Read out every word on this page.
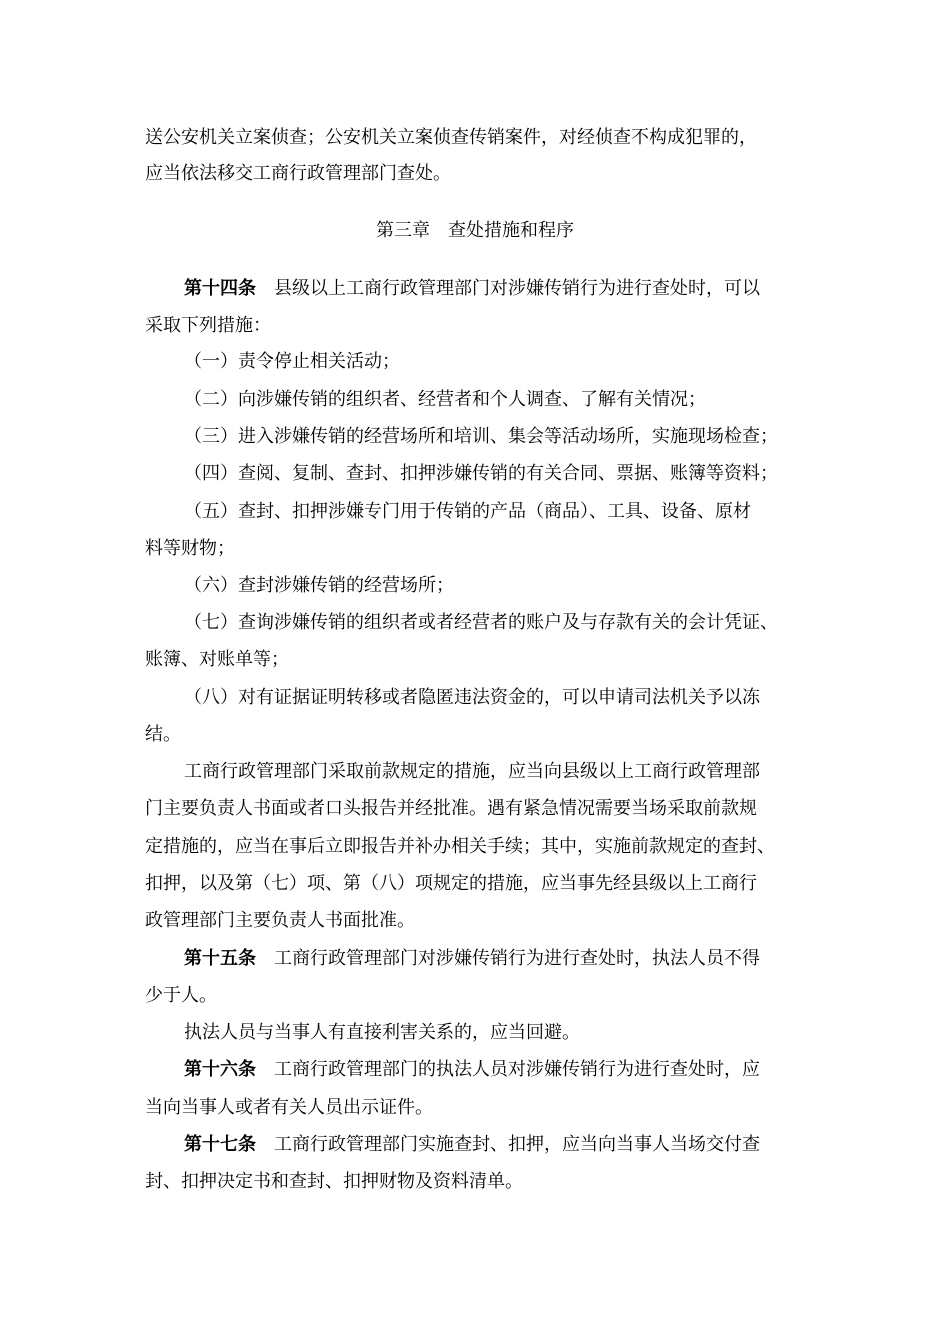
送公安机关立案侦查；公安机关立案侦查传销案件，对经侦查不构成犯罪的，
应当依法移交工商行政管理部门查处。
第三章　查处措施和程序
第十四条 县级以上工商行政管理部门对涉嫌传销行为进行查处时，可以
采取下列措施：
（一）责令停止相关活动；
（二）向涉嫌传销的组织者、经营者和个人调查、了解有关情况；
（三）进入涉嫌传销的经营场所和培训、集会等活动场所，实施现场检查；
（四）查阅、复制、查封、扣押涉嫌传销的有关合同、票据、账簿等资料；
（五）查封、扣押涉嫌专门用于传销的产品（商品）、工具、设备、原材
料等财物；
（六）查封涉嫌传销的经营场所；
（七）查询涉嫌传销的组织者或者经营者的账户及与存款有关的会计凭证、
账簿、对账单等；
（八）对有证据证明转移或者隐匿违法资金的，可以申请司法机关予以冻
结。
工商行政管理部门采取前款规定的措施，应当向县级以上工商行政管理部
门主要负责人书面或者口头报告并经批准。遇有紧急情况需要当场采取前款规
定措施的，应当在事后立即报告并补办相关手续；其中，实施前款规定的查封、
扣押，以及第（七）项、第（八）项规定的措施，应当事先经县级以上工商行
政管理部门主要负责人书面批准。
第十五条 工商行政管理部门对涉嫌传销行为进行查处时，执法人员不得
少于人。
执法人员与当事人有直接利害关系的，应当回避。
第十六条 工商行政管理部门的执法人员对涉嫌传销行为进行查处时，应
当向当事人或者有关人员出示证件。
第十七条 工商行政管理部门实施查封、扣押，应当向当事人当场交付查
封、扣押决定书和查封、扣押财物及资料清单。
